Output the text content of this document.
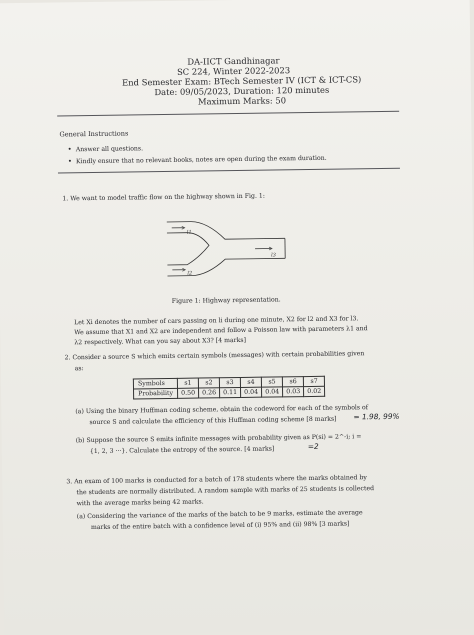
DA-IICT Gandhinagar
SC 224, Winter 2022-2023
End Semester Exam: BTech Semester IV (ICT & ICT-CS)
Date: 09/05/2023, Duration: 120 minutes
Maximum Marks: 50
General Instructions
• Answer all questions.
• Kindly ensure that no relevant books, notes are open during the exam duration.
1. We want to model traffic flow on the highway shown in Fig. 1:
l1
l2
l3
Figure 1: Highway representation.
Let Xi denotes the number of cars passing on li during one minute, X2 for l2 and X3 for l3.
We assume that X1 and X2 are independent and follow a Poisson law with parameters λ1 and
λ2 respectively. What can you say about X3? [4 marks]
2. Consider a source S which emits certain symbols (messages) with certain probabilities given
as:
Symbols	s1	s2	s3	s4	s5	s6	s7
Probability	0.50	0.26	0.11	0.04	0.04	0.03	0.02
(a) Using the binary Huffman coding scheme, obtain the codeword for each of the symbols of
source S and calculate the efficiency of this Huffman coding scheme [8 marks] = 1.98, 99%
(b) Suppose the source S emits infinite messages with probability given as P(si) = 2^-i; i =
{1, 2, 3 ···}. Calculate the entropy of the source. [4 marks]	=2
3. An exam of 100 marks is conducted for a batch of 178 students where the marks obtained by
the students are normally distributed. A random sample with marks of 25 students is collected
with the average marks being 42 marks.
(a) Considering the variance of the marks of the batch to be 9 marks, estimate the average
marks of the entire batch with a confidence level of (i) 95% and (ii) 98% [3 marks]
